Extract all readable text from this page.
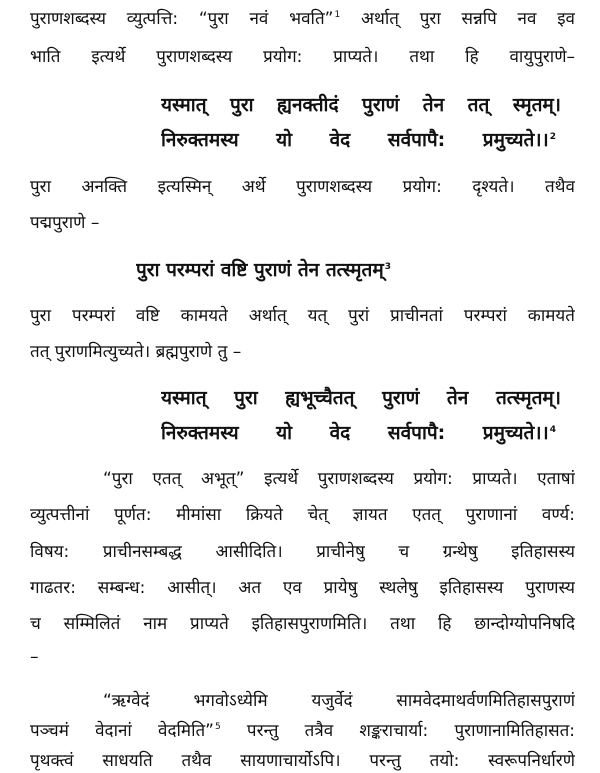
पुराणशब्दस्य व्युत्पत्ति: “पुरा नवं भवति”$^1$ अर्थात् पुरा सन्नपि नव इव
भाति इत्यर्थे पुराणशब्दस्य प्रयोग: प्राप्यते। तथा हि वायुपुराणे–
यस्मात् पुरा ह्यनक्तीदं पुराणं तेन तत् स्मृतम्।
निरुक्तमस्य यो वेद सर्वपापै: प्रमुच्यते।।$^2$
पुरा अनक्ति इत्यस्मिन् अर्थे पुराणशब्दस्य प्रयोग: दृश्यते। तथैव
पद्मपुराणे –
पुरा परम्परां वष्टि पुराणं तेन तत्स्मृतम्$^3$
पुरा परम्परां वष्टि कामयते अर्थात् यत् पुरां प्राचीनतां परम्परां कामयते
तत् पुराणमित्युच्यते। ब्रह्मपुराणे तु –
यस्मात् पुरा ह्यभूच्चैतत् पुराणं तेन तत्स्मृतम्।
निरुक्तमस्य यो वेद सर्वपापै: प्रमुच्यते।।$^4$
“पुरा एतत् अभूत्” इत्यर्थे पुराणशब्दस्य प्रयोग: प्राप्यते। एताषां
व्युत्पत्तीनां पूर्णत: मीमांसा क्रियते चेत् ज्ञायत एतत् पुराणानां वर्ण्य:
विषय: प्राचीनसम्बद्ध आसीदिति। प्राचीनेषु च ग्रन्थेषु इतिहासस्य
गाढतर: सम्बन्ध: आसीत्। अत एव प्रायेषु स्थलेषु इतिहासस्य पुराणस्य
च सम्मिलितं नाम प्राप्यते इतिहासपुराणमिति। तथा हि छान्दोग्योपनिषदि
–
“ऋग्वेदं भगवोऽध्येमि यजुर्वेदं सामवेदमाथर्वणमितिहासपुराणं
पञ्चमं वेदानां वेदमिति”$^5$ परन्तु तत्रैव शङ्कराचार्या: पुराणानामितिहासत:
पृथक्त्वं साधयति तथैव सायणाचार्योऽपि। परन्तु तयो: स्वरूपनिर्धारणे
